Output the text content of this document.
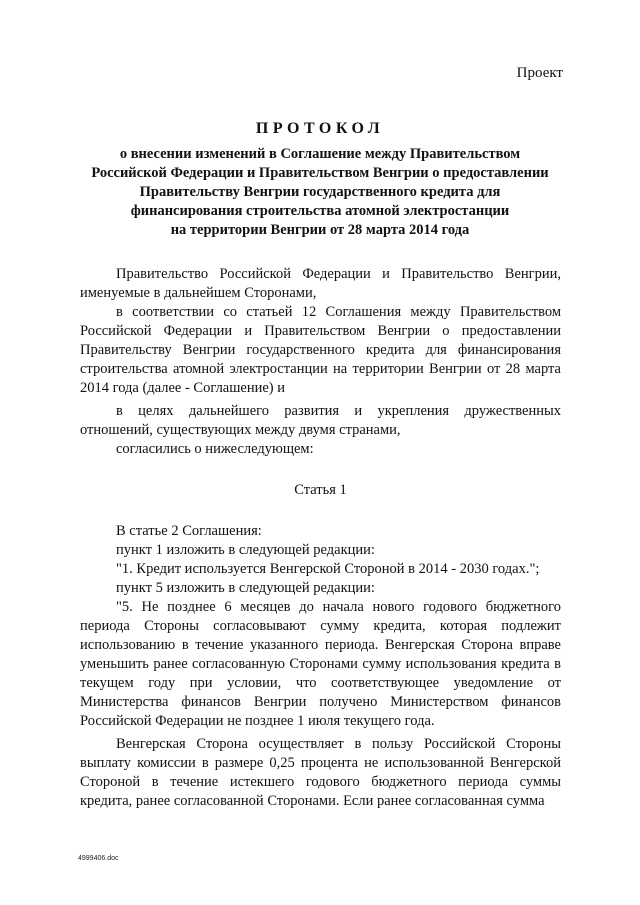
Проект
ПРОТОКОЛ
о внесении изменений в Соглашение между Правительством
Российской Федерации и Правительством Венгрии о предоставлении
Правительству Венгрии государственного кредита для
финансирования строительства атомной электростанции
на территории Венгрии от 28 марта 2014 года

Правительство Российской Федерации и Правительство Венгрии, именуемые в дальнейшем Сторонами,

в соответствии со статьей 12 Соглашения между Правительством Российской Федерации и Правительством Венгрии о предоставлении Правительству Венгрии государственного кредита для финансирования строительства атомной электростанции на территории Венгрии от 28 марта 2014 года (далее - Соглашение) и

в целях дальнейшего развития и укрепления дружественных отношений, существующих между двумя странами,

согласились о нижеследующем:

Статья 1

В статье 2 Соглашения:

пункт 1 изложить в следующей редакции:

"1. Кредит используется Венгерской Стороной в 2014 - 2030 годах.";

пункт 5 изложить в следующей редакции:

"5. Не позднее 6 месяцев до начала нового годового бюджетного периода Стороны согласовывают сумму кредита, которая подлежит использованию в течение указанного периода. Венгерская Сторона вправе уменьшить ранее согласованную Сторонами сумму использования кредита в текущем году при условии, что соответствующее уведомление от Министерства финансов Венгрии получено Министерством финансов Российской Федерации не позднее 1 июля текущего года.

Венгерская Сторона осуществляет в пользу Российской Стороны выплату комиссии в размере 0,25 процента не использованной Венгерской Стороной в течение истекшего годового бюджетного периода суммы кредита, ранее согласованной Сторонами. Если ранее согласованная сумма

4999406.doc
